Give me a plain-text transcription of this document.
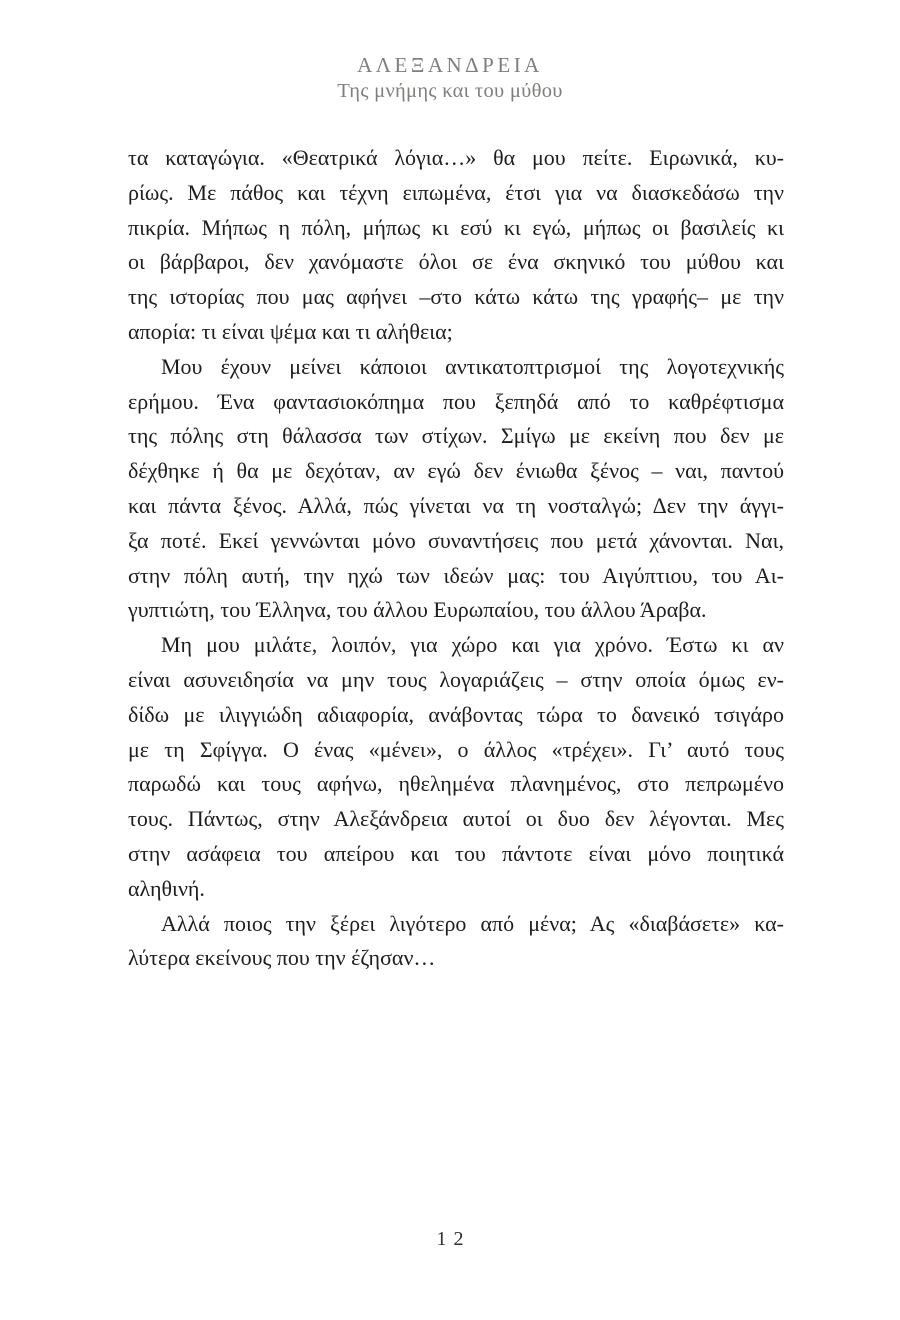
ΑΛΕΞΑΝΔΡΕΙΑ
Της μνήμης και του μύθου
τα καταγώγια. «Θεατρικά λόγια…» θα μου πείτε. Ειρωνικά, κυ-
ρίως. Με πάθος και τέχνη ειπωμένα, έτσι για να διασκεδάσω την
πικρία. Μήπως η πόλη, μήπως κι εσύ κι εγώ, μήπως οι βασιλείς κι
οι βάρβαροι, δεν χανόμαστε όλοι σε ένα σκηνικό του μύθου και
της ιστορίας που μας αφήνει –στο κάτω κάτω της γραφής– με την
απορία: τι είναι ψέμα και τι αλήθεια;
Μου έχουν μείνει κάποιοι αντικατοπτρισμοί της λογοτεχνικής
ερήμου. Ένα φαντασιοκόπημα που ξεπηδά από το καθρέφτισμα
της πόλης στη θάλασσα των στίχων. Σμίγω με εκείνη που δεν με
δέχθηκε ή θα με δεχόταν, αν εγώ δεν ένιωθα ξένος – ναι, παντού
και πάντα ξένος. Αλλά, πώς γίνεται να τη νοσταλγώ; Δεν την άγγι-
ξα ποτέ. Εκεί γεννώνται μόνο συναντήσεις που μετά χάνονται. Ναι,
στην πόλη αυτή, την ηχώ των ιδεών μας: του Αιγύπτιου, του Αι-
γυπτιώτη, του Έλληνα, του άλλου Ευρωπαίου, του άλλου Άραβα.
Μη μου μιλάτε, λοιπόν, για χώρο και για χρόνο. Έστω κι αν
είναι ασυνειδησία να μην τους λογαριάζεις – στην οποία όμως εν-
δίδω με ιλιγγιώδη αδιαφορία, ανάβοντας τώρα το δανεικό τσιγάρο
με τη Σφίγγα. Ο ένας «μένει», ο άλλος «τρέχει». Γι’ αυτό τους
παρωδώ και τους αφήνω, ηθελημένα πλανημένος, στο πεπρωμένο
τους. Πάντως, στην Αλεξάνδρεια αυτοί οι δυο δεν λέγονται. Μες
στην ασάφεια του απείρου και του πάντοτε είναι μόνο ποιητικά
αληθινή.
Αλλά ποιος την ξέρει λιγότερο από μένα; Ας «διαβάσετε» κα-
λύτερα εκείνους που την έζησαν…
12
